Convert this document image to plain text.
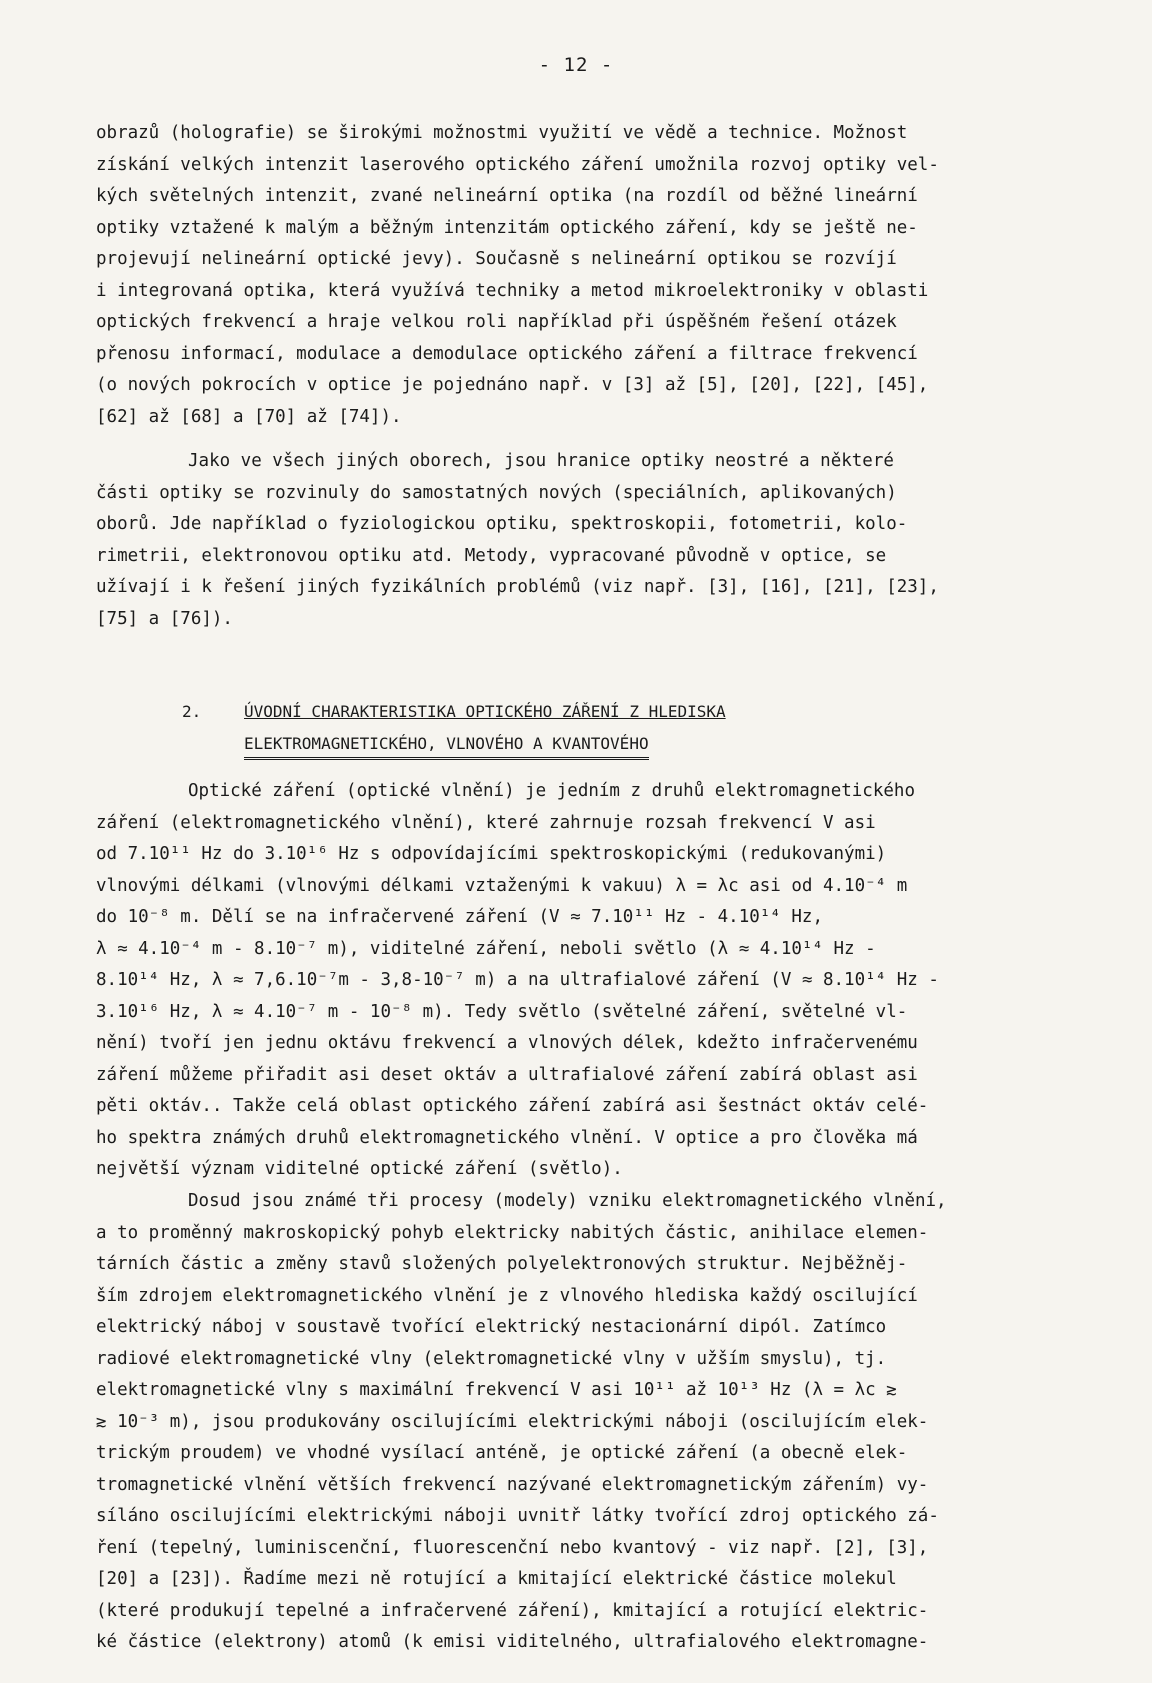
- 12 -
obrazů (holografie) se širokými možnostmi využití ve vědě a technice. Možnost
získání velkých intenzit laserového optického záření umožnila rozvoj optiky vel-
kých světelných intenzit, zvané nelineární optika (na rozdíl od běžné lineární
optiky vztažené k malým a běžným intenzitám optického záření, kdy se ještě ne-
projevují nelineární optické jevy). Současně s nelineární optikou se rozvíjí
i integrovaná optika, která využívá techniky a metod mikroelektroniky v oblasti
optických frekvencí a hraje velkou roli například při úspěšném řešení otázek
přenosu informací, modulace a demodulace optického záření a filtrace frekvencí
(o nových pokrocích v optice je pojednáno např. v [3] až [5], [20], [22], [45],
[62] až [68] a [70] až [74]).
Jako ve všech jiných oborech, jsou hranice optiky neostré a některé
části optiky se rozvinuly do samostatných nových (speciálních, aplikovaných)
oborů. Jde například o fyziologickou optiku, spektroskopii, fotometrii, kolo-
rimetrii, elektronovou optiku atd. Metody, vypracované původně v optice, se
užívají i k řešení jiných fyzikálních problémů (viz např. [3], [16], [21], [23],
[75] a [76]).
2.	ÚVODNÍ CHARAKTERISTIKA OPTICKÉHO ZÁŘENÍ Z HLEDISKA
ELEKTROMAGNETICKÉHO, VLNOVÉHO A KVANTOVÉHO
Optické záření (optické vlnění) je jedním z druhů elektromagnetického
záření (elektromagnetického vlnění), které zahrnuje rozsah frekvencí V asi
od 7.10¹¹ Hz do 3.10¹⁶ Hz s odpovídajícími spektroskopickými (redukovanými)
vlnovými délkami (vlnovými délkami vztaženými k vakuu) λ = λc asi od 4.10⁻⁴ m
do 10⁻⁸ m. Dělí se na infračervené záření (V ≈ 7.10¹¹ Hz - 4.10¹⁴ Hz,
λ ≈ 4.10⁻⁴ m - 8.10⁻⁷ m), viditelné záření, neboli světlo (λ ≈ 4.10¹⁴ Hz -
8.10¹⁴ Hz, λ ≈ 7,6.10⁻⁷m - 3,8-10⁻⁷ m) a na ultrafialové záření (V ≈ 8.10¹⁴ Hz -
3.10¹⁶ Hz, λ ≈ 4.10⁻⁷ m - 10⁻⁸ m). Tedy světlo (světelné záření, světelné vl-
nění) tvoří jen jednu oktávu frekvencí a vlnových délek, kdežto infračervenému
záření můžeme přiřadit asi deset oktáv a ultrafialové záření zabírá oblast asi
pěti oktáv.. Takže celá oblast optického záření zabírá asi šestnáct oktáv celé-
ho spektra známých druhů elektromagnetického vlnění. V optice a pro člověka má
největší význam viditelné optické záření (světlo).
Dosud jsou známé tři procesy (modely) vzniku elektromagnetického vlnění,
a to proměnný makroskopický pohyb elektricky nabitých částic, anihilace elemen-
tárních částic a změny stavů složených polyelektronových struktur. Nejběžněj-
ším zdrojem elektromagnetického vlnění je z vlnového hlediska každý oscilující
elektrický náboj v soustavě tvořící elektrický nestacionární dipól. Zatímco
radiové elektromagnetické vlny (elektromagnetické vlny v užším smyslu), tj.
elektromagnetické vlny s maximální frekvencí V asi 10¹¹ až 10¹³ Hz (λ = λc ≳
≳ 10⁻³ m), jsou produkovány oscilujícími elektrickými náboji (oscilujícím elek-
trickým proudem) ve vhodné vysílací anténě, je optické záření (a obecně elek-
tromagnetické vlnění větších frekvencí nazývané elektromagnetickým zářením) vy-
síláno oscilujícími elektrickými náboji uvnitř látky tvořící zdroj optického zá-
ření (tepelný, luminiscenční, fluorescenční nebo kvantový - viz např. [2], [3],
[20] a [23]). Řadíme mezi ně rotující a kmitající elektrické částice molekul
(které produkují tepelné a infračervené záření), kmitající a rotující elektric-
ké částice (elektrony) atomů (k emisi viditelného, ultrafialového elektromagne-
